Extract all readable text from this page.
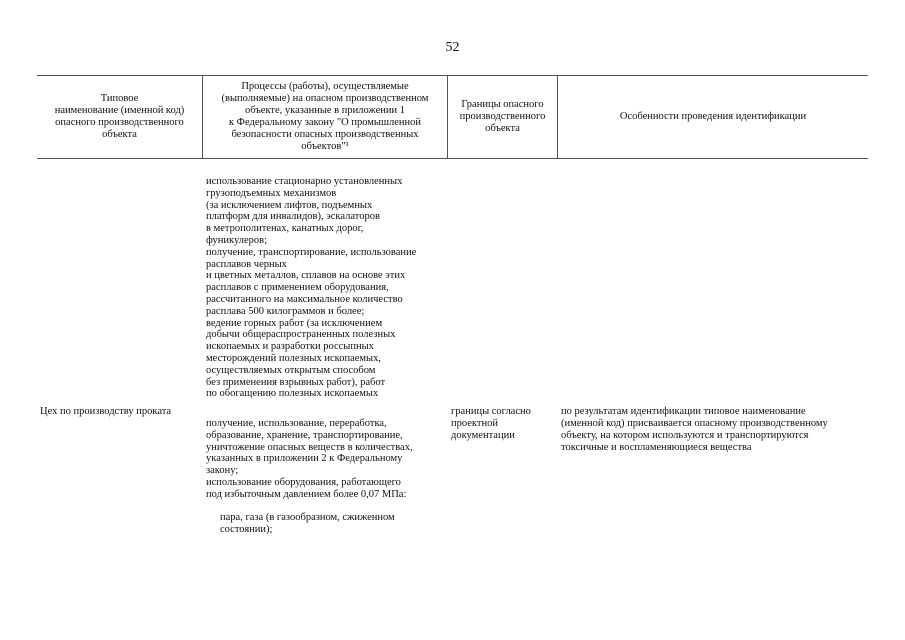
52
Типовое
наименование (именной код)
опасного производственного
объекта
Процессы (работы), осуществляемые
(выполняемые) на опасном производственном
объекте, указанные в приложении 1
к Федеральному закону "О промышленной
безопасности опасных производственных
объектов"¹
Границы опасного
производственного
объекта
Особенности проведения идентификации
использование стационарно установленных
грузоподъемных механизмов
(за исключением лифтов, подъемных
платформ для инвалидов), эскалаторов
в метрополитенах, канатных дорог,
фуникулеров;
получение, транспортирование, использование
расплавов черных
и цветных металлов, сплавов на основе этих
расплавов с применением оборудования,
рассчитанного на максимальное количество
расплава 500 килограммов и более;
ведение горных работ (за исключением
добычи общераспространенных полезных
ископаемых и разработки россыпных
месторождений полезных ископаемых,
осуществляемых открытым способом
без применения взрывных работ), работ
по обогащению полезных ископаемых
Цех по производству проката

получение, использование, переработка,
образование, хранение, транспортирование,
уничтожение опасных веществ в количествах,
указанных в приложении 2 к Федеральному
закону;
использование оборудования, работающего
под избыточным давлением более 0,07 МПа:

пара, газа (в газообразном, сжиженном
состоянии);

границы согласно
проектной
документации
по результатам идентификации типовое наименование
(именной код) присваивается опасному производственному
объекту, на котором используются и транспортируются
токсичные и воспламеняющиеся вещества
